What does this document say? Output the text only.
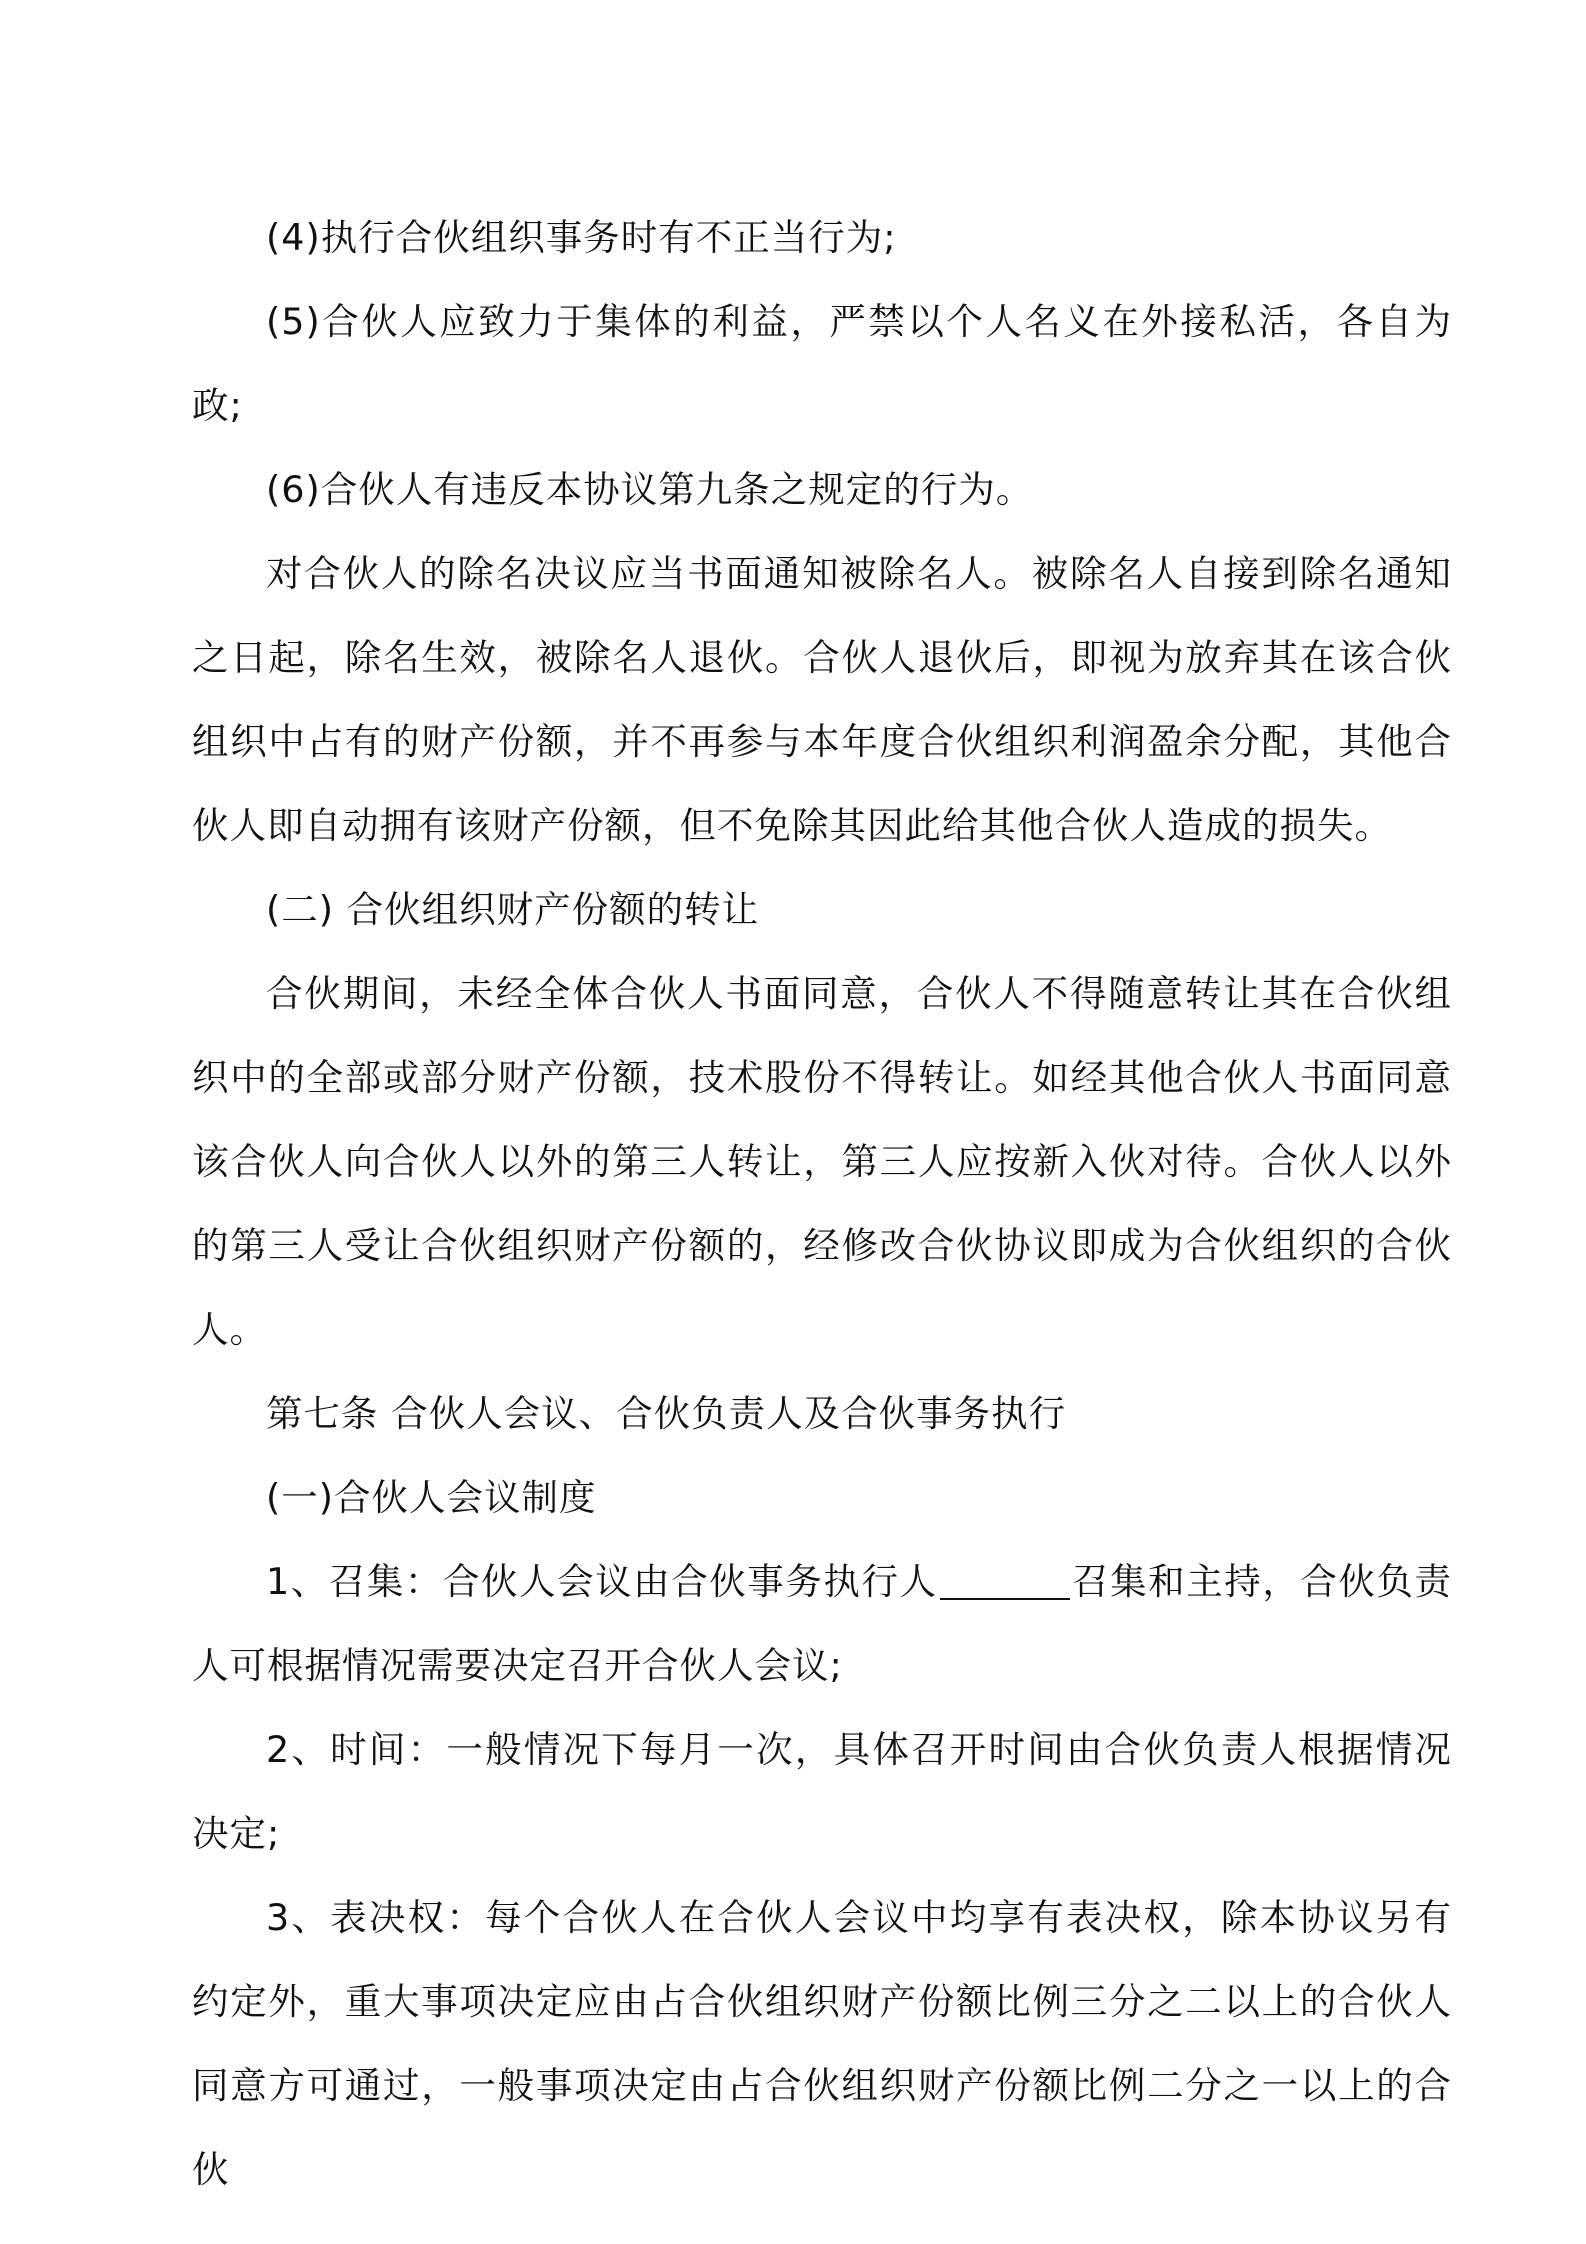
(4)执行合伙组织事务时有不正当行为;

(5)合伙人应致力于集体的利益，严禁以个人名义在外接私活，各自为政;

(6)合伙人有违反本协议第九条之规定的行为。

对合伙人的除名决议应当书面通知被除名人。被除名人自接到除名通知之日起，除名生效，被除名人退伙。合伙人退伙后，即视为放弃其在该合伙组织中占有的财产份额，并不再参与本年度合伙组织利润盈余分配，其他合伙人即自动拥有该财产份额，但不免除其因此给其他合伙人造成的损失。

(二) 合伙组织财产份额的转让

合伙期间，未经全体合伙人书面同意，合伙人不得随意转让其在合伙组织中的全部或部分财产份额，技术股份不得转让。如经其他合伙人书面同意该合伙人向合伙人以外的第三人转让，第三人应按新入伙对待。合伙人以外的第三人受让合伙组织财产份额的，经修改合伙协议即成为合伙组织的合伙人。

第七条 合伙人会议、合伙负责人及合伙事务执行

(一)合伙人会议制度

1、召集：合伙人会议由合伙事务执行人	召集和主持，合伙负责人可根据情况需要决定召开合伙人会议;

2、时间：一般情况下每月一次，具体召开时间由合伙负责人根据情况决定;

3、表决权：每个合伙人在合伙人会议中均享有表决权，除本协议另有约定外，重大事项决定应由占合伙组织财产份额比例三分之二以上的合伙人同意方可通过，一般事项决定由占合伙组织财产份额比例二分之一以上的合伙
